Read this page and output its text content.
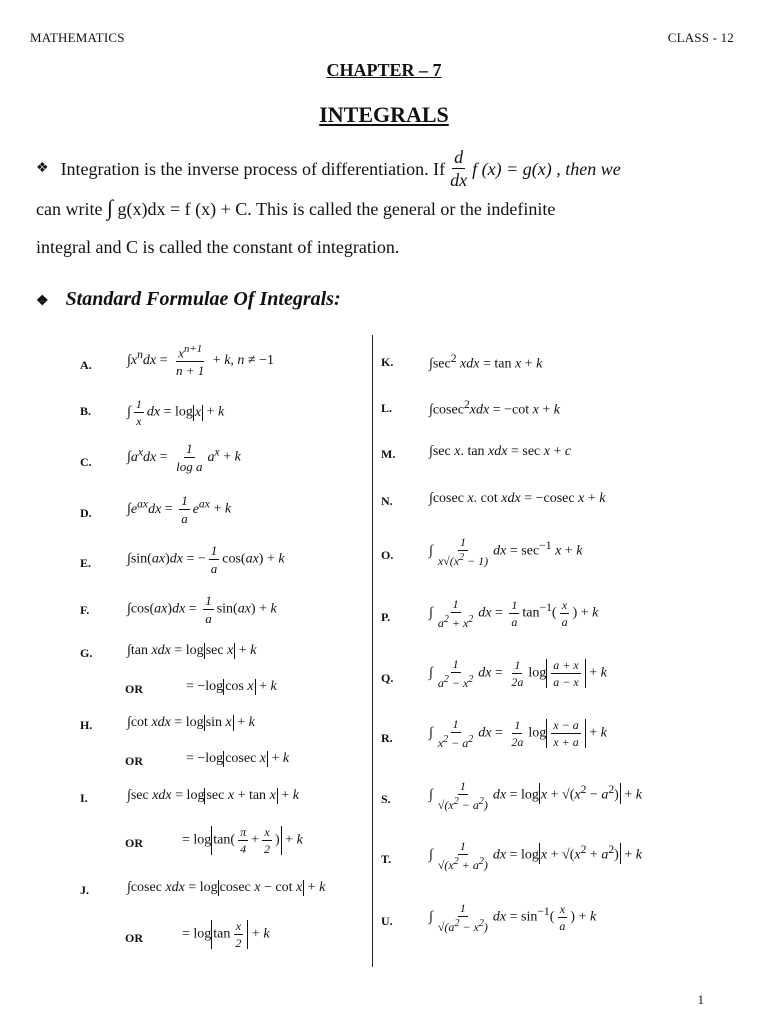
MATHEMATICS	CLASS - 12
CHAPTER – 7
INTEGRALS
❖ Integration is the inverse process of differentiation. If $\frac{d}{dx}$ f (x) = g(x) , then we
can write ∫ g(x)dx = f (x) + C. This is called the general or the indefinite
integral and C is called the constant of integration.
❖ Standard Formulae Of Integrals:
A.
B.
C.
D.
E.
F.
G.
H.
I.
J.
OR
OR
OR
OR
$\int x^ndx = \frac{x^{n+1}}{n + 1} + k$, n ≠ −1
∫ $\frac{1}{x}$ dx = log x + k
$\int a^xdx = \frac{1}{\text{log a}} a^x + k$
$\int e^{ax}dx = \frac{1}{a} e^{ax} + k$
∫sin(ax)dx = − $\frac{1}{a} \cos(ax) + k$
$\int\cos(ax)dx = \frac{1}{a} \sin(ax) + k$
∫tan xdx = log sec x + k
= −log cos x + k
∫cot xdx = log sin x + k
= −log cosec x + k
∫sec xdx = log sec x + tan x + k
= $\log \tan( \frac{\pi}{4} + \frac{x}{2}$ ) + k
∫cosec xdx = log cosec x − cot x + k
= $\log \tan \frac{x}{2} + k$
K.
L.
M.
N.
O.
P.
Q.
R.
S.
T.
U.
$\int\sec^2$ xdx = tan x + k
∫cosec$^2$xdx = −cot x + k
∫sec x. tan xdx = sec x + c
∫cosec x. cot xdx = −cosec x + k
∫ $\frac{1}{x√(x^2 - 1)}$ dx = $\sec^{-1} x + k$
∫ $\frac{1}{a^2 + x^2}$ dx = $\frac{1}{a} \tan^{-1}( \frac{x}{a}$ ) + k
∫ $\frac{1}{a^2 - x^2}$ dx = $\frac{1}{2a}$ $\log \frac{a + x}{a - x} + k$
∫ $\frac{1}{x^2 - a^2}$ dx = $\frac{1}{2a}$ $\log \frac{x - a}{x + a} + k$
∫ $\frac{1}{√(x^2 - a^2)}$ dx = $\log x + √(x^2 - a^2) + k$
∫ $\frac{1}{√(x^2 + a^2)}$ dx = $\log x + √(x^2 + a^2) + k$
∫ $\frac{1}{√(a^2 - x^2)}$ dx = $\sin^{-1}( \frac{x}{a}$ ) + k
1
